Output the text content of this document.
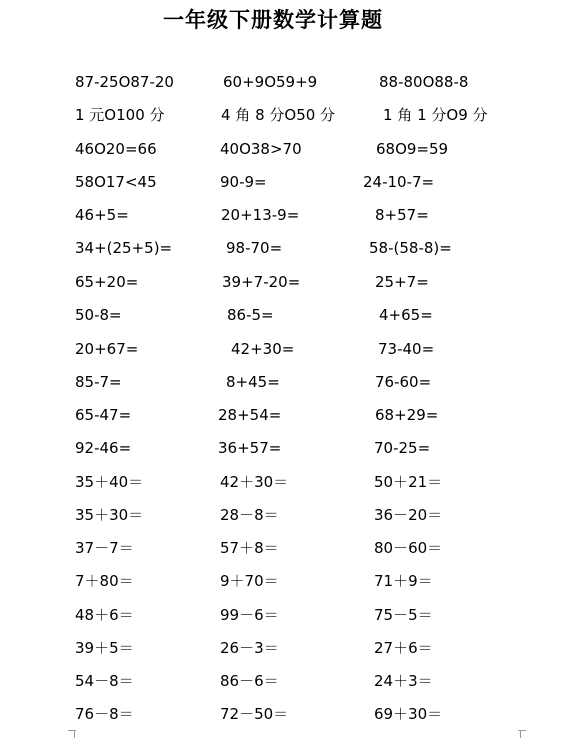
一年级下册数学计算题
87-25O87-20	60+9O59+9	88-80O88-8
1 元O100 分	4 角 8 分O50 分	1 角 1 分O9 分
46O20=66	40O38>70	68O9=59
58O17<45	90-9=	24-10-7=
46+5=	20+13-9=	8+57=
34+(25+5)=	98-70=	58-(58-8)=
65+20=	39+7-20=	25+7=
50-8=	86-5=	4+65=
20+67=	42+30=	73-40=
85-7=	8+45=	76-60=
65-47=	28+54=	68+29=
92-46=	36+57=	70-25=
35＋40＝	42＋30＝	50＋21＝
35＋30＝	28－8＝	36－20＝
37－7＝	57＋8＝	80－60＝
7＋80＝	9＋70＝	71＋9＝
48＋6＝	99－6＝	75－5＝
39＋5＝	26－3＝	27＋6＝
54－8＝	86－6＝	24＋3＝
76－8＝	72－50＝	69＋30＝
